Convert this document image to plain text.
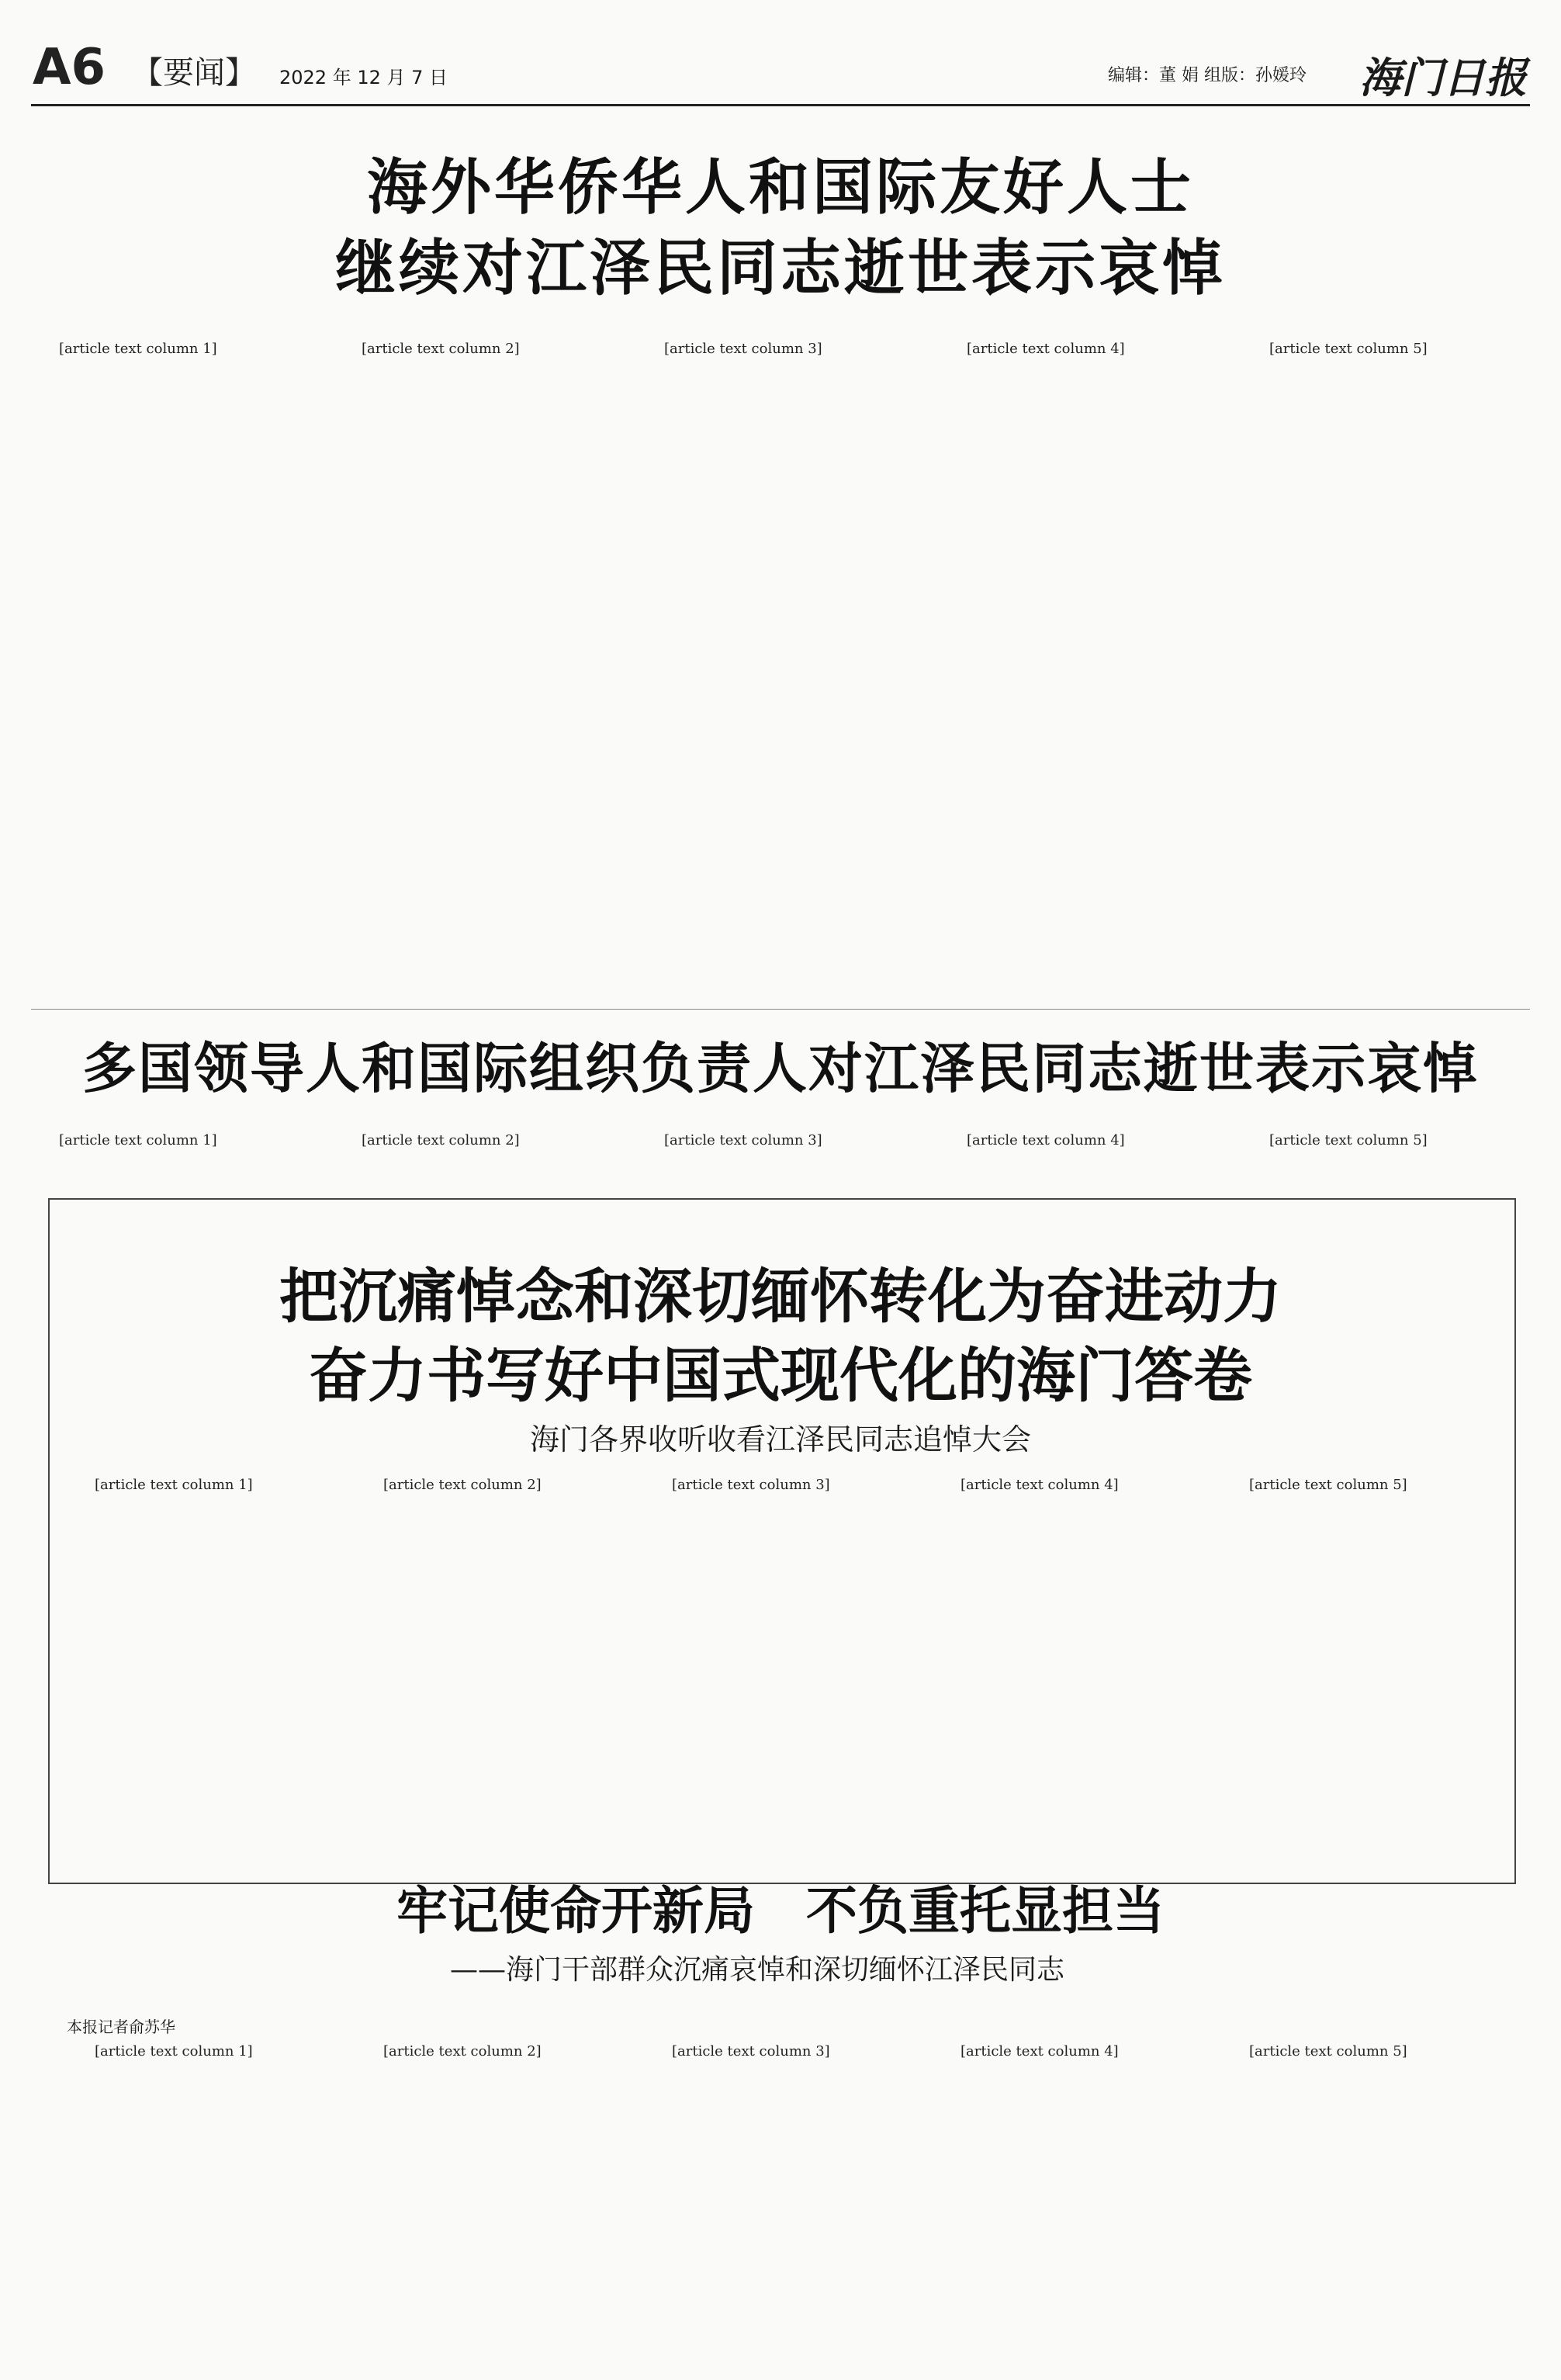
A6 【要闻】 2022 年 12 月 7 日	编辑：董 娟 组版：孙媛玲 海门日报
海外华侨华人和国际友好人士
继续对江泽民同志逝世表示哀悼

[article text column 1]	[article text column 2]	[article text column 3]	[article text column 4]	[article text column 5]

多国领导人和国际组织负责人对江泽民同志逝世表示哀悼

[article text column 1]	[article text column 2]	[article text column 3]	[article text column 4]	[article text column 5]

把沉痛悼念和深切缅怀转化为奋进动力
奋力书写好中国式现代化的海门答卷
海门各界收听收看江泽民同志追悼大会

[article text column 1]	[article text column 2]	[article text column 3]	[article text column 4]	[article text column 5]

牢记使命开新局　不负重托显担当
——海门干部群众沉痛哀悼和深切缅怀江泽民同志
本报记者俞苏华

[article text column 1]	[article text column 2]	[article text column 3]	[article text column 4]	[article text column 5]
